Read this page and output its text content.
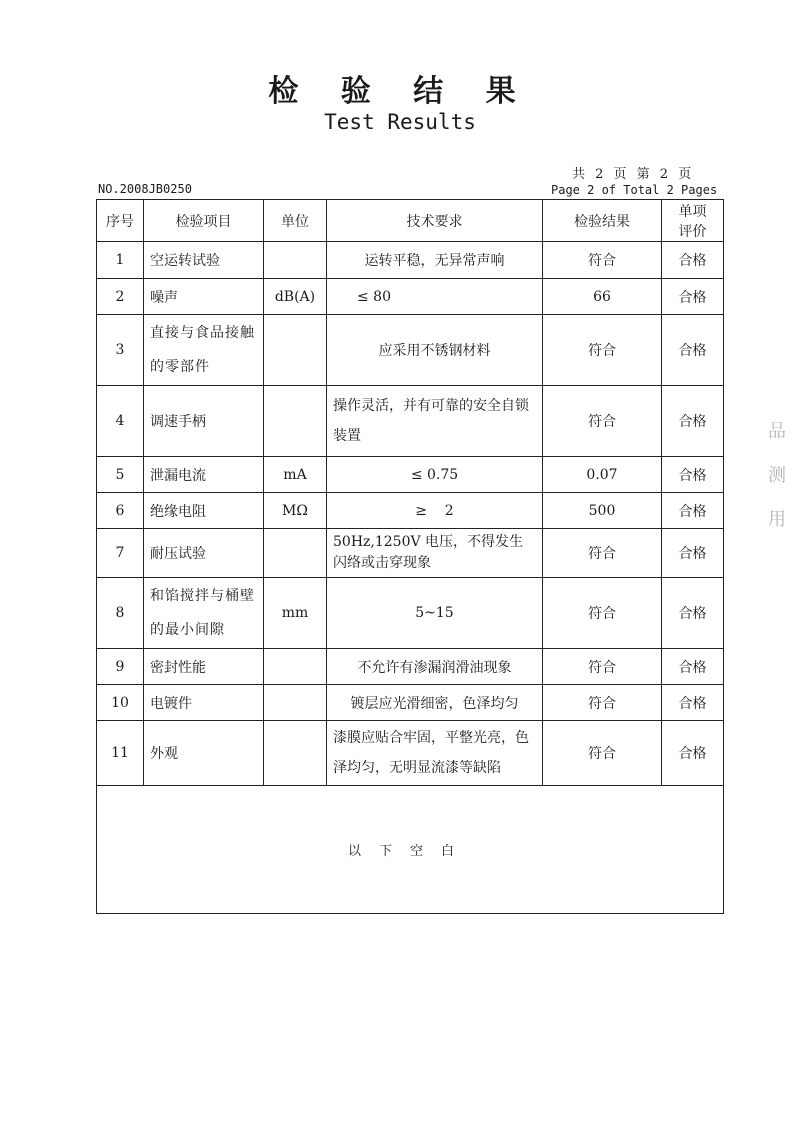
检 验 结 果
Test Results
共 2 页 第 2 页
Page 2 of Total 2 Pages
NO.2008JB0250
序号	检验项目	单位	技术要求	检验结果	单项评价
1	空运转试验		运转平稳，无异常声响	符合	合格
2	噪声	dB(A)	≤ 80	66	合格
3	直接与食品接触的零部件		应采用不锈钢材料	符合	合格
4	调速手柄		操作灵活，并有可靠的安全自锁装置	符合	合格
5	泄漏电流	mA	≤ 0.75	0.07	合格
6	绝缘电阻	MΩ	≥    2	500	合格
7	耐压试验		50Hz,1250V 电压，不得发生闪络或击穿现象	符合	合格
8	和馅搅拌与桶壁的最小间隙	mm	5~15	符合	合格
9	密封性能		不允许有渗漏润滑油现象	符合	合格
10	电镀件		镀层应光滑细密，色泽均匀	符合	合格
11	外观		漆膜应贴合牢固，平整光亮，色泽均匀，无明显流漆等缺陷	符合	合格
以下空白					
品 测 用
